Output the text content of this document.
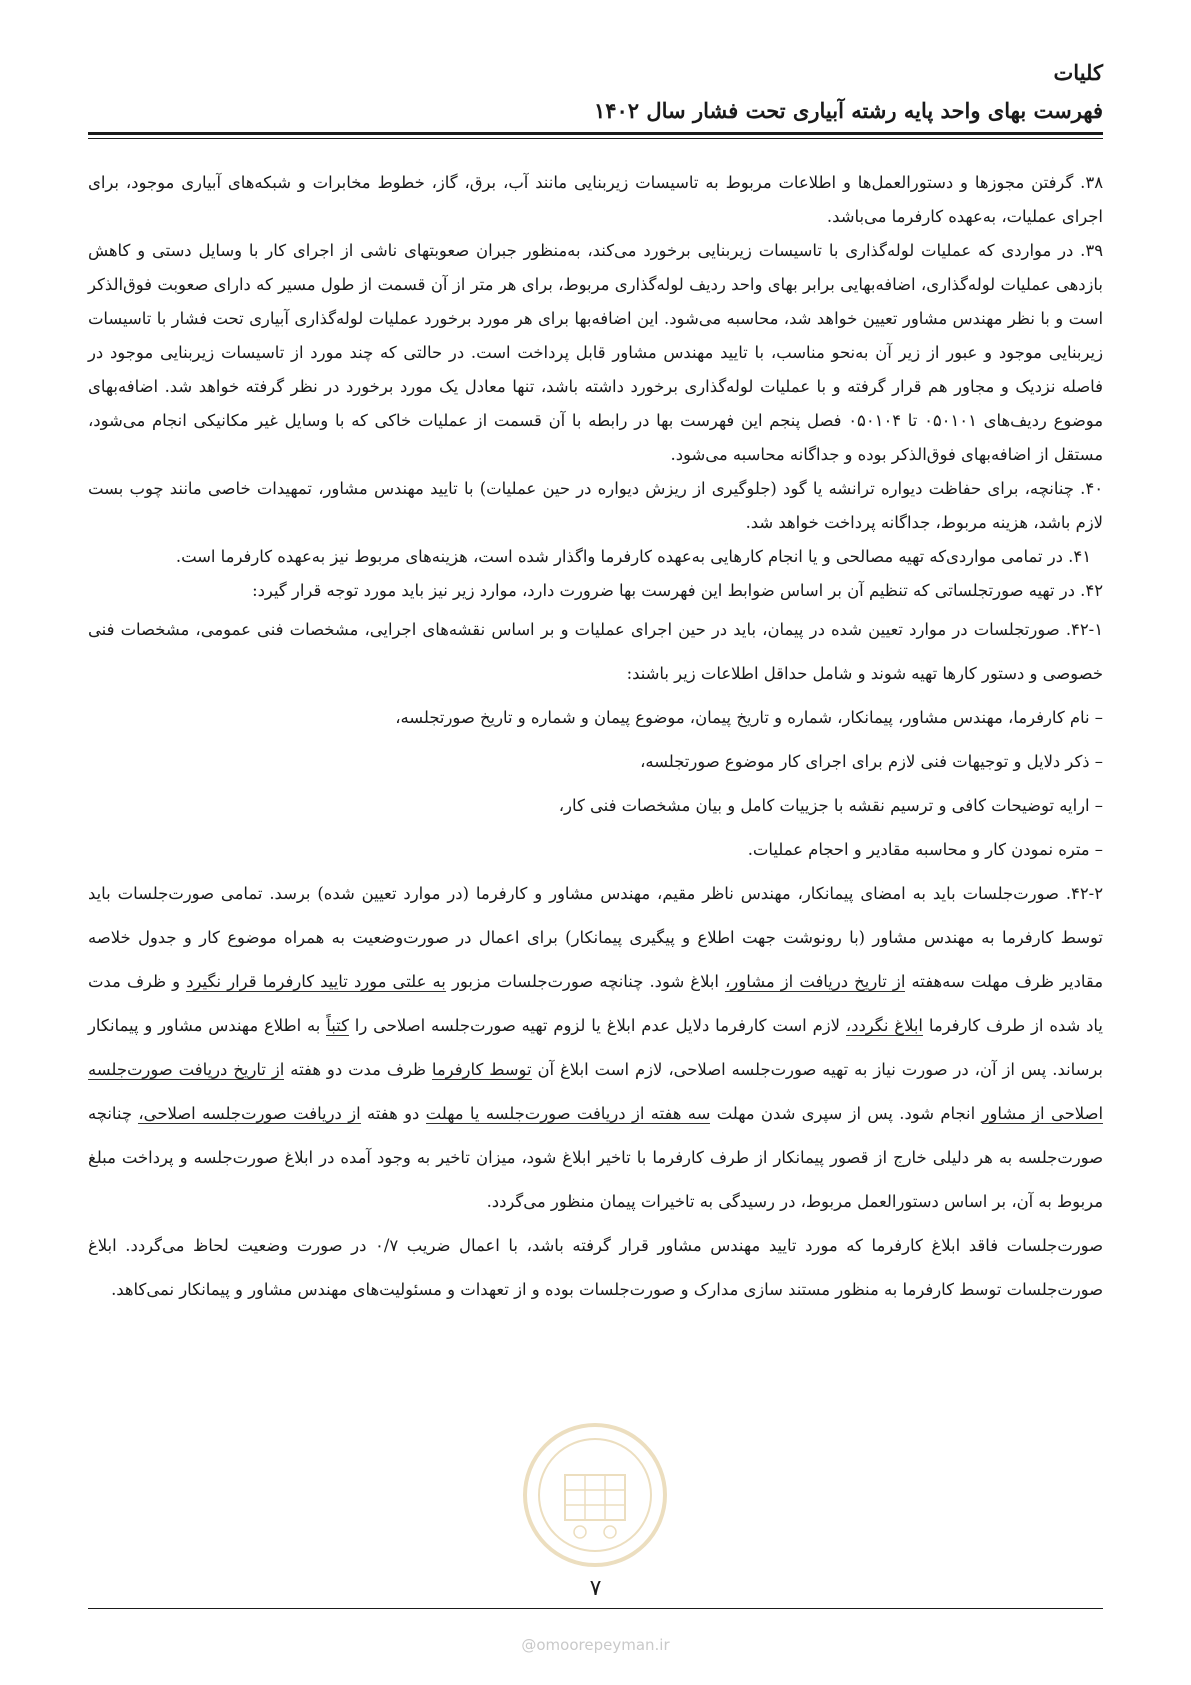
کلیات

فهرست بهای واحد پایه رشته آبیاری تحت فشار سال ۱۴۰۲

۳۸. گرفتن مجوزها و دستورالعمل‌ها و اطلاعات مربوط به تاسیسات زیربنایی مانند آب، برق، گاز، خطوط مخابرات و شبکه‌های آبیاری موجود، برای اجرای عملیات، به‌عهده کارفرما می‌باشد.

۳۹. در مواردی که عملیات لوله‌گذاری با تاسیسات زیربنایی برخورد می‌کند، به‌منظور جبران صعوبتهای ناشی از اجرای کار با وسایل دستی و کاهش بازدهی عملیات لوله‌گذاری، اضافه‌بهایی برابر بهای واحد ردیف لوله‌گذاری مربوط، برای هر متر از آن قسمت از طول مسیر که دارای صعوبت فوق‌الذکر است و با نظر مهندس مشاور تعیین خواهد شد، محاسبه می‌شود. این اضافه‌بها برای هر مورد برخورد عملیات لوله‌گذاری آبیاری تحت فشار با تاسیسات زیربنایی موجود و عبور از زیر آن به‌نحو مناسب، با تایید مهندس مشاور قابل پرداخت است. در حالتی که چند مورد از تاسیسات زیربنایی موجود در فاصله نزدیک و مجاور هم قرار گرفته و با عملیات لوله‌گذاری برخورد داشته باشد، تنها معادل یک مورد برخورد در نظر گرفته خواهد شد. اضافه‌بهای موضوع ردیف‌های ۰۵۰۱۰۱ تا ۰۵۰۱۰۴ فصل پنجم این فهرست بها در رابطه با آن قسمت از عملیات خاکی که با وسایل غیر مکانیکی انجام می‌شود، مستقل از اضافه‌بهای فوق‌الذکر بوده و جداگانه محاسبه می‌شود.

۴۰. چنانچه، برای حفاظت دیواره ترانشه یا گود (جلوگیری از ریزش دیواره در حین عملیات) با تایید مهندس مشاور، تمهیدات خاصی مانند چوب بست لازم باشد، هزینه مربوط، جداگانه پرداخت خواهد شد.

۴۱. در تمامی مواردی‌که تهیه مصالحی و یا انجام کارهایی به‌عهده کارفرما واگذار شده است، هزینه‌های مربوط نیز به‌عهده کارفرما است.

۴۲. در تهیه صورتجلساتی که تنظیم آن بر اساس ضوابط این فهرست بها ضرورت دارد، موارد زیر نیز باید مورد توجه قرار گیرد:

۴۲-۱. صورتجلسات در موارد تعیین شده در پیمان، باید در حین اجرای عملیات و بر اساس نقشه‌های اجرایی، مشخصات فنی عمومی، مشخصات فنی خصوصی و دستور کارها تهیه شوند و شامل حداقل اطلاعات زیر باشند:

– نام کارفرما، مهندس مشاور، پیمانکار، شماره و تاریخ پیمان، موضوع پیمان و شماره و تاریخ صورتجلسه،

– ذکر دلایل و توجیهات فنی لازم برای اجرای کار موضوع صورتجلسه،

– ارایه توضیحات کافی و ترسیم نقشه با جزییات کامل و بیان مشخصات فنی کار،

– متره نمودن کار و محاسبه مقادیر و احجام عملیات.

۴۲-۲. صورت‌جلسات باید به امضای پیمانکار، مهندس ناظر مقیم، مهندس مشاور و کارفرما (در موارد تعیین شده) برسد. تمامی صورت‌جلسات باید توسط کارفرما به مهندس مشاور (با رونوشت جهت اطلاع و پیگیری پیمانکار) برای اعمال در صورت‌وضعیت به همراه موضوع کار و جدول خلاصه مقادیر ظرف مهلت سه‌هفته از تاریخ دریافت از مشاور، ابلاغ شود. چنانچه صورت‌جلسات مزبور به علتی مورد تایید کارفرما قرار نگیرد و ظرف مدت یاد شده از طرف کارفرما ابلاغ نگردد، لازم است کارفرما دلایل عدم ابلاغ یا لزوم تهیه صورت‌جلسه اصلاحی را کتباً به اطلاع مهندس مشاور و پیمانکار برساند. پس از آن، در صورت نیاز به تهیه صورت‌جلسه اصلاحی، لازم است ابلاغ آن توسط کارفرما ظرف مدت دو هفته از تاریخ دریافت صورت‌جلسه اصلاحی از مشاور انجام شود. پس از سپری شدن مهلت سه هفته از دریافت صورت‌جلسه یا مهلت دو هفته از دریافت صورت‌جلسه اصلاحی، چنانچه صورت‌جلسه به هر دلیلی خارج از قصور پیمانکار از طرف کارفرما با تاخیر ابلاغ شود، میزان تاخیر به وجود آمده در ابلاغ صورت‌جلسه و پرداخت مبلغ مربوط به آن، بر اساس دستورالعمل مربوط، در رسیدگی به تاخیرات پیمان منظور می‌گردد.

صورت‌جلسات فاقد ابلاغ کارفرما که مورد تایید مهندس مشاور قرار گرفته باشد، با اعمال ضریب ۰/۷ در صورت وضعیت لحاظ می‌گردد. ابلاغ صورت‌جلسات توسط کارفرما به منظور مستند سازی مدارک و صورت‌جلسات بوده و از تعهدات و مسئولیت‌های مهندس مشاور و پیمانکار نمی‌کاهد.

۷
@omoorepeyman.ir
